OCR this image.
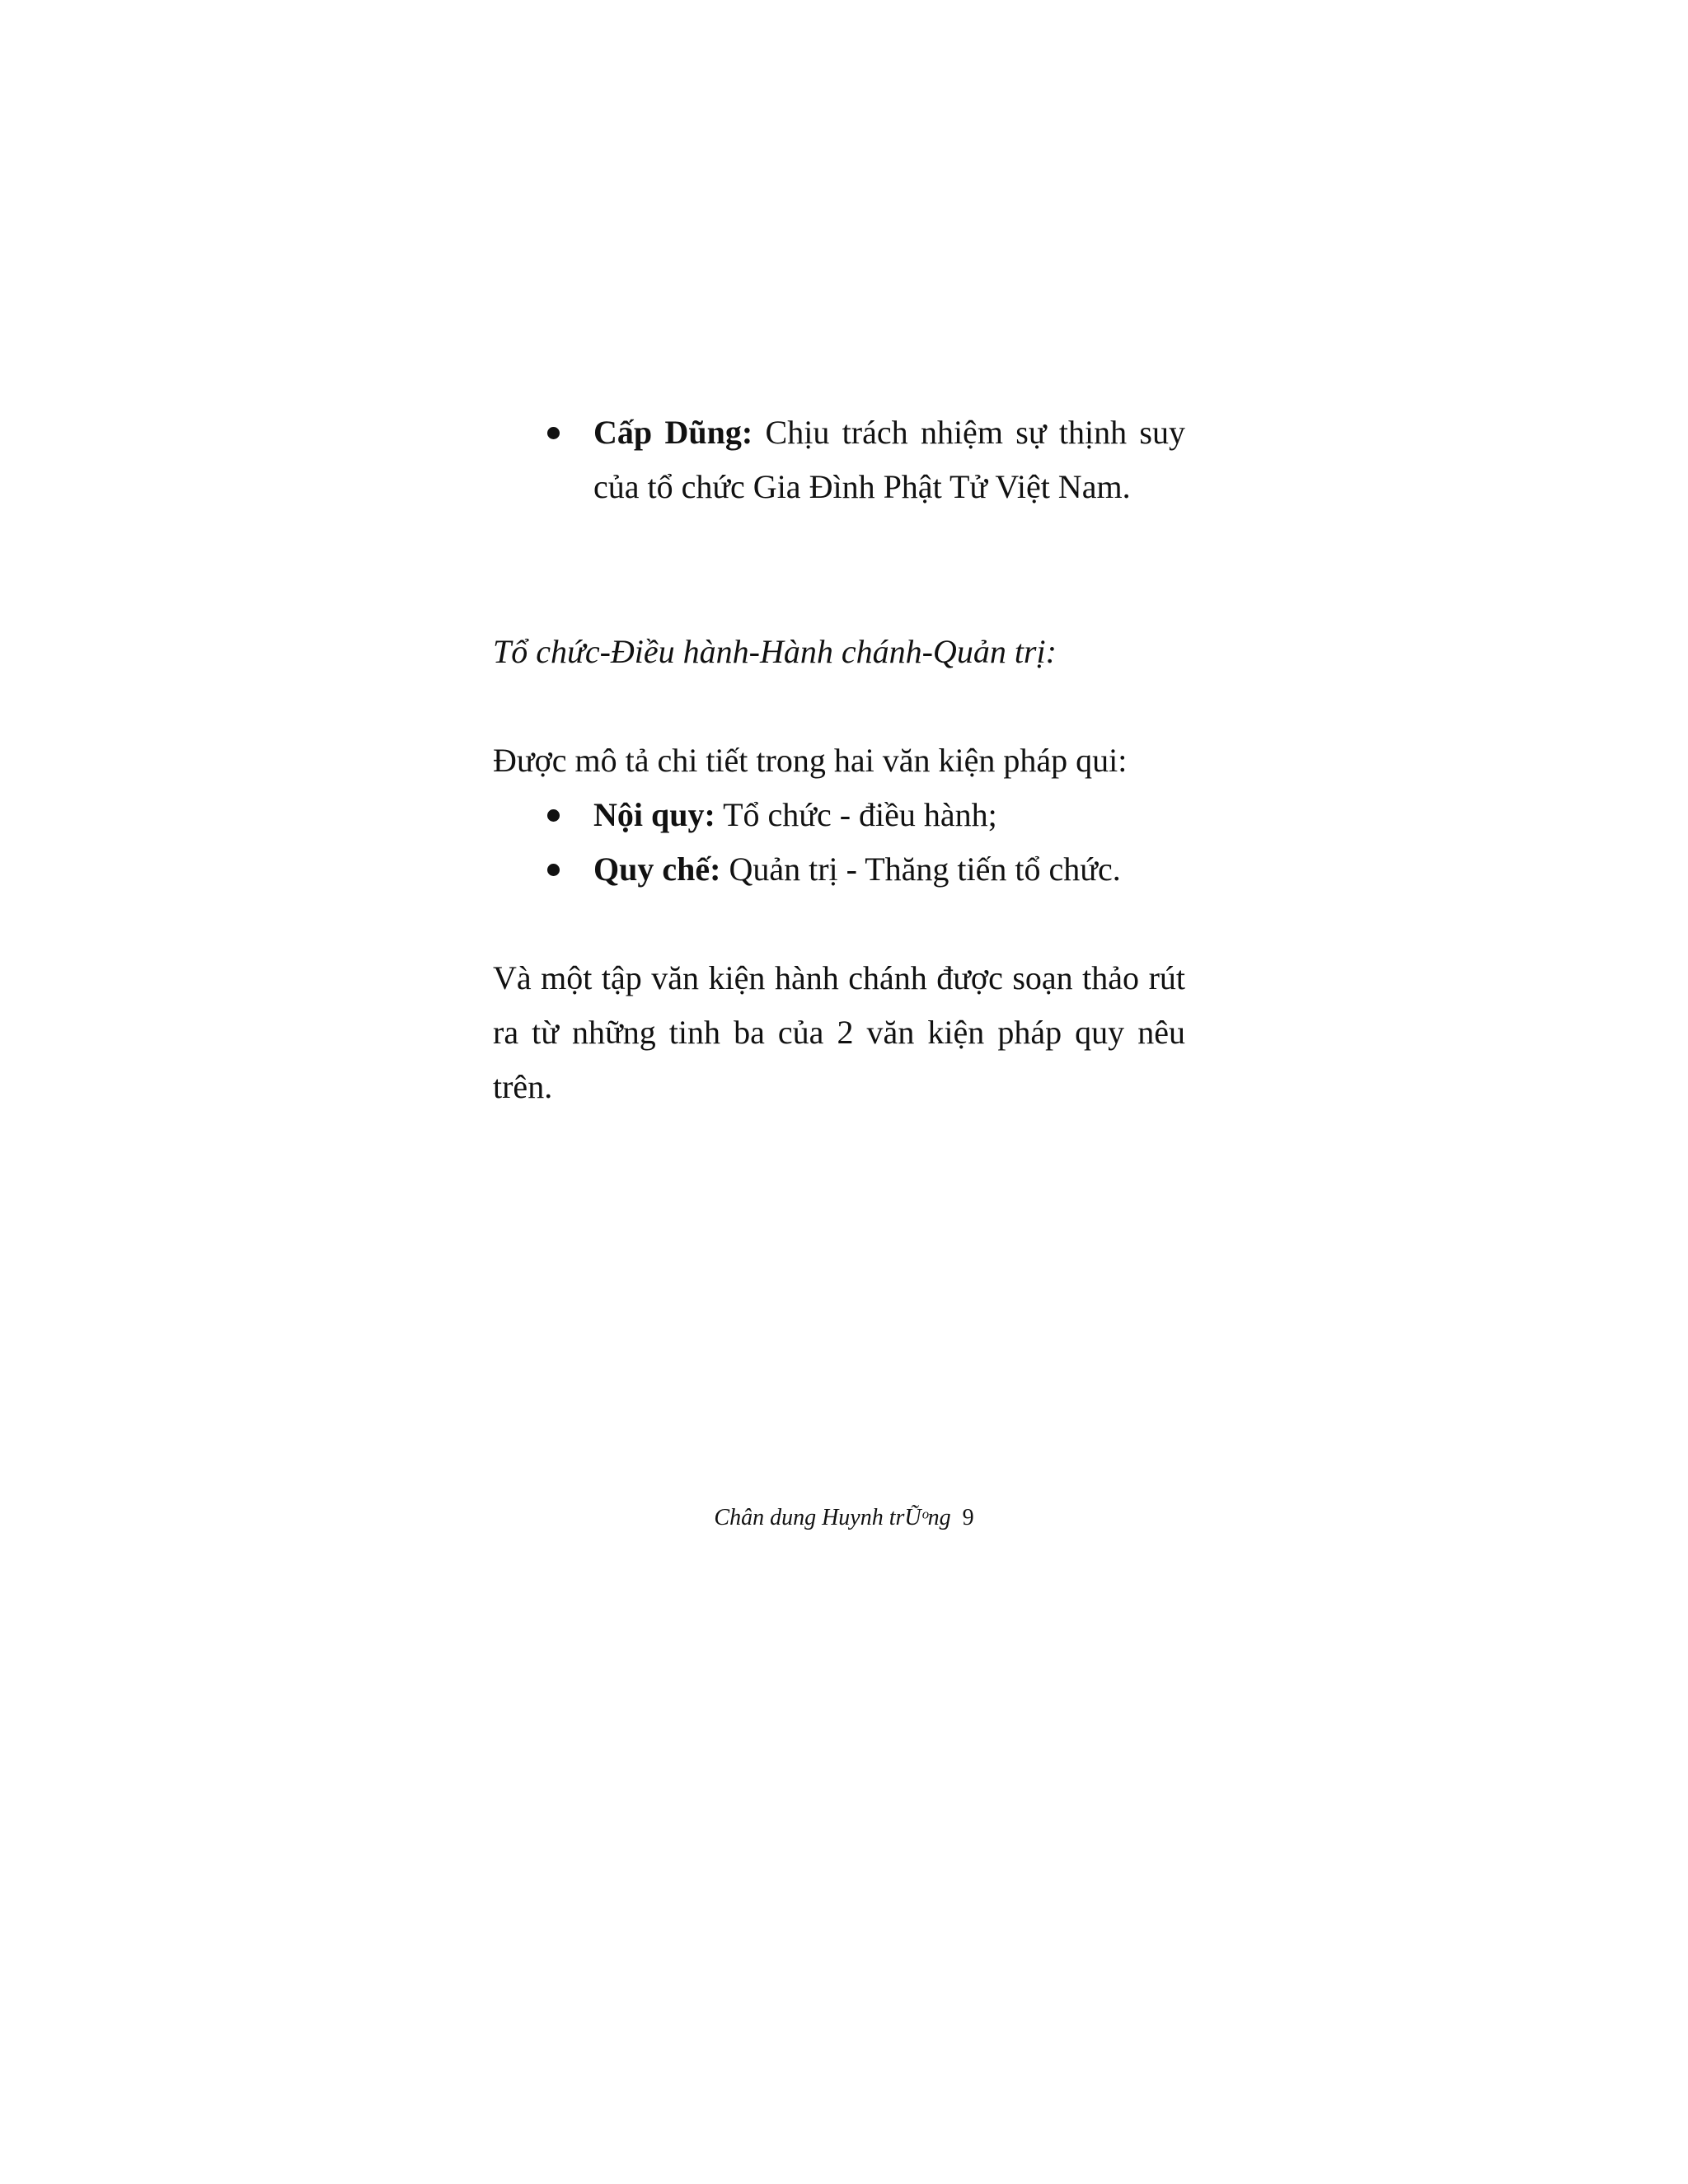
Cấp Dũng: Chịu trách nhiệm sự thịnh suy của tổ chức Gia Đình Phật Tử Việt Nam.
Tổ chức-Điều hành-Hành chánh-Quản trị:
Được mô tả chi tiết trong hai văn kiện pháp qui:
Nội quy: Tổ chức - điều hành;
Quy chế: Quản trị - Thăng tiến tổ chức.
Và một tập văn kiện hành chánh được soạn thảo rút ra từ những tinh ba của 2 văn kiện pháp quy nêu trên.
Chân dung Huynh trŨᵒng 9
